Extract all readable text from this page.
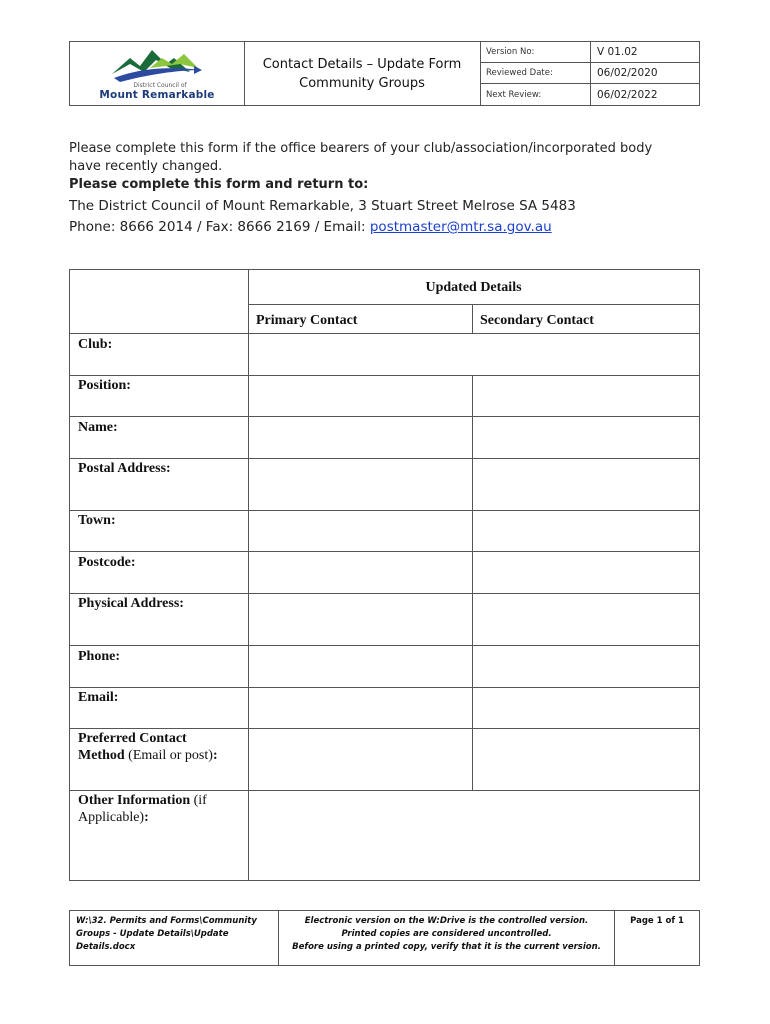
District Council of
Mount Remarkable
Contact Details – Update Form
Community Groups
Version No:	V 01.02
Reviewed Date:	06/02/2020
Next Review:	06/02/2022
Please complete this form if the office bearers of your club/association/incorporated body
have recently changed.
Please complete this form and return to:
The District Council of Mount Remarkable, 3 Stuart Street Melrose SA 5483
Phone: 8666 2014 / Fax: 8666 2169 / Email: postmaster@mtr.sa.gov.au
Updated Details
Primary Contact	Secondary Contact
Club:
Position:
Name:
Postal Address:
Town:
Postcode:
Physical Address:
Phone:
Email:
Preferred Contact
Method (Email or post):
Other Information (if
Applicable):
W:\32. Permits and Forms\Community
Groups - Update Details\Update Details.docx
Electronic version on the W:Drive is the controlled version.
Printed copies are considered uncontrolled.
Before using a printed copy, verify that it is the current version.
Page 1 of 1
